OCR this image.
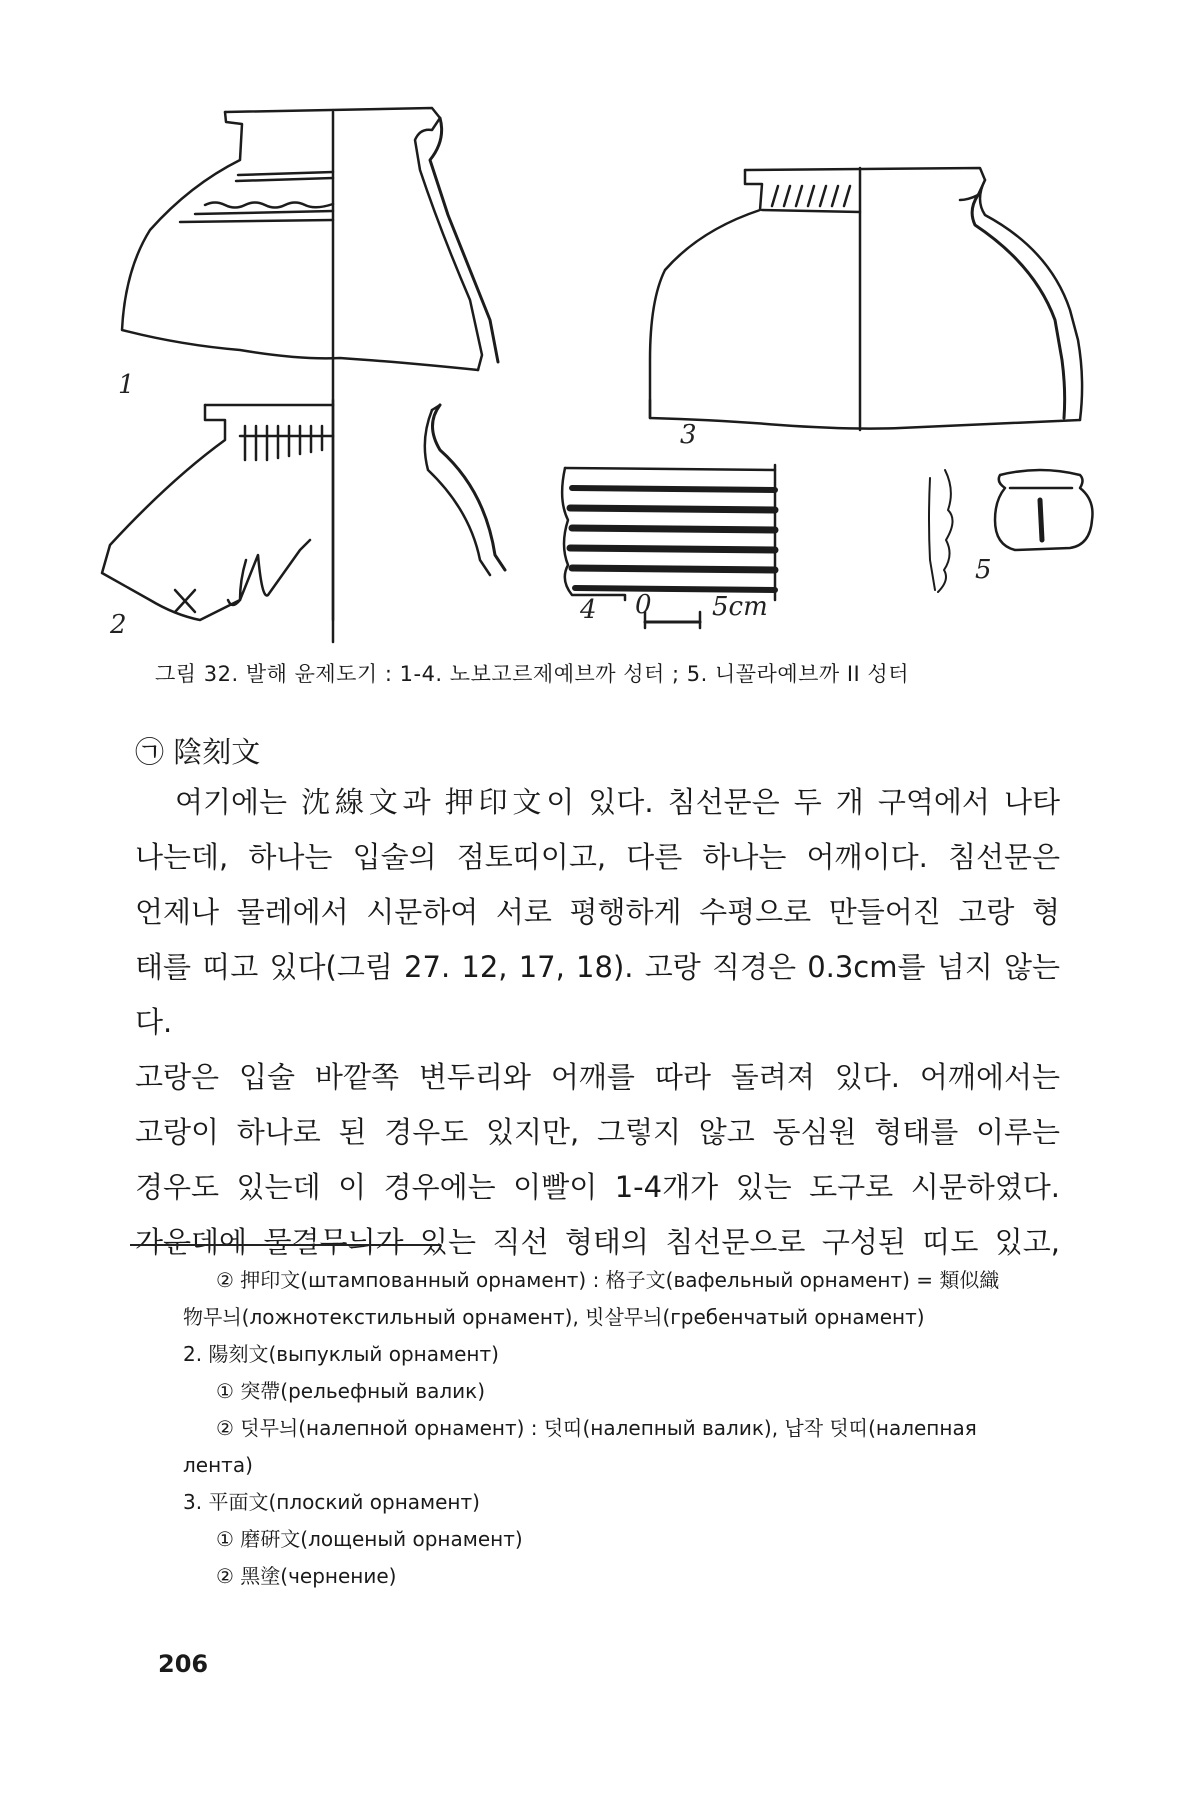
1
2
3
4
5
0 5cm
그림 32. 발해 윤제도기 : 1-4. 노보고르제예브까 성터 ; 5. 니꼴라예브까 II 성터
㉠ 陰刻文

여기에는 沈線文과 押印文이 있다. 침선문은 두 개 구역에서 나타

나는데, 하나는 입술의 점토띠이고, 다른 하나는 어깨이다. 침선문은

언제나 물레에서 시문하여 서로 평행하게 수평으로 만들어진 고랑 형

태를 띠고 있다(그림 27. 12, 17, 18). 고랑 직경은 0.3cm를 넘지 않는다.

고랑은 입술 바깥쪽 변두리와 어깨를 따라 돌려져 있다. 어깨에서는

고랑이 하나로 된 경우도 있지만, 그렇지 않고 동심원 형태를 이루는

경우도 있는데 이 경우에는 이빨이 1-4개가 있는 도구로 시문하였다.

가운데에 물결무늬가 있는 직선 형태의 침선문으로 구성된 띠도 있고,

② 押印文(штампованный орнамент) : 格子文(вафельный орнамент) = 類似織
物무늬(ложнотекстильный орнамент), 빗살무늬(гребенчатый орнамент)
2. 陽刻文(выпуклый орнамент)
① 突帶(рельефный валик)
② 덧무늬(налепной орнамент) : 덧띠(налепный валик), 납작 덧띠(налепная
лента)
3. 平面文(плоский орнамент)
① 磨硏文(лощеный орнамент)
② 黑塗(чернение)
206
